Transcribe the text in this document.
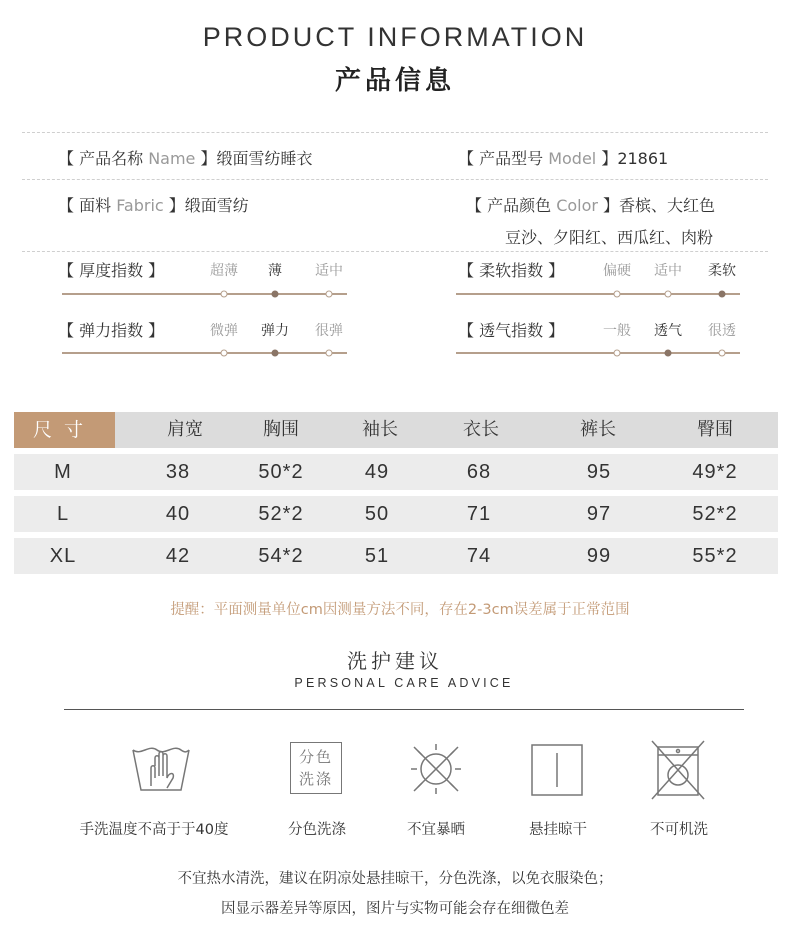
PRODUCT INFORMATION
产品信息
【 产品名称 Name 】缎面雪纺睡衣	【 产品型号 Model 】21861
【 面料 Fabric 】缎面雪纺	【 产品颜色 Color 】香槟、大红色
豆沙、夕阳红、西瓜红、肉粉
【 厚度指数 】	超薄 薄 适中	【 柔软指数 】	偏硬 适中 柔软
【 弹力指数 】	微弹 弹力 很弹	【 透气指数 】	一般 透气 很透
尺寸	肩宽	胸围	袖长	衣长	裤长	臀围
M	38	50*2	49	68	95	49*2
L	40	52*2	50	71	97	52*2
XL	42	54*2	51	74	99	55*2
提醒：平面测量单位cm因测量方法不同，存在2-3cm误差属于正常范围
洗护建议
PERSONAL CARE ADVICE
手洗温度不高于于40度
分色
洗涤
分色洗涤	不宜暴晒	悬挂晾干	不可机洗
不宜热水清洗，建议在阴凉处悬挂晾干，分色洗涤，以免衣服染色；
因显示器差异等原因，图片与实物可能会存在细微色差
